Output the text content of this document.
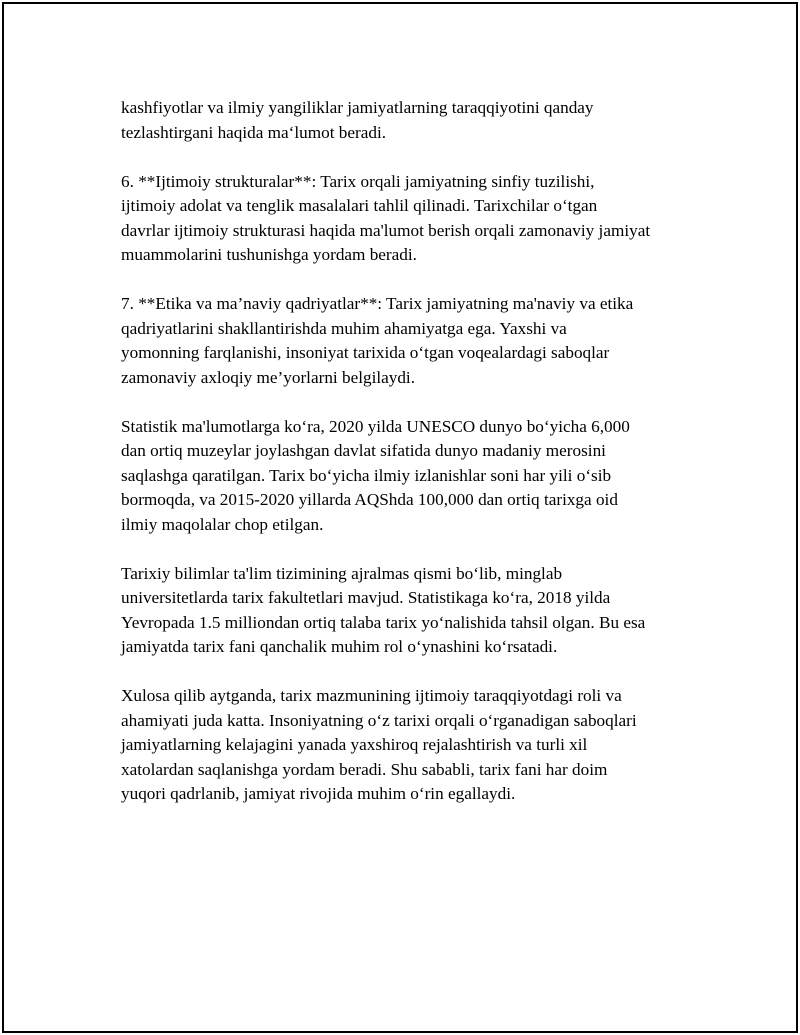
kashfiyotlar va ilmiy yangiliklar jamiyatlarning taraqqiyotini qanday
tezlashtirgani haqida maʻlumot beradi.

6. **Ijtimoiy strukturalar**: Tarix orqali jamiyatning sinfiy tuzilishi,
ijtimoiy adolat va tenglik masalalari tahlil qilinadi. Tarixchilar oʻtgan
davrlar ijtimoiy strukturasi haqida ma'lumot berish orqali zamonaviy jamiyat
muammolarini tushunishga yordam beradi.

7. **Etika va ma’naviy qadriyatlar**: Tarix jamiyatning ma'naviy va etika
qadriyatlarini shakllantirishda muhim ahamiyatga ega. Yaxshi va
yomonning farqlanishi, insoniyat tarixida oʻtgan voqealardagi saboqlar
zamonaviy axloqiy me’yorlarni belgilaydi.

Statistik ma'lumotlarga koʻra, 2020 yilda UNESCO dunyo boʻyicha 6,000
dan ortiq muzeylar joylashgan davlat sifatida dunyo madaniy merosini
saqlashga qaratilgan. Tarix boʻyicha ilmiy izlanishlar soni har yili oʻsib
bormoqda, va 2015-2020 yillarda AQShda 100,000 dan ortiq tarixga oid
ilmiy maqolalar chop etilgan.

Tarixiy bilimlar ta'lim tizimining ajralmas qismi boʻlib, minglab
universitetlarda tarix fakultetlari mavjud. Statistikaga koʻra, 2018 yilda
Yevropada 1.5 milliondan ortiq talaba tarix yoʻnalishida tahsil olgan. Bu esa
jamiyatda tarix fani qanchalik muhim rol oʻynashini koʻrsatadi.

Xulosa qilib aytganda, tarix mazmunining ijtimoiy taraqqiyotdagi roli va
ahamiyati juda katta. Insoniyatning oʻz tarixi orqali oʻrganadigan saboqlari
jamiyatlarning kelajagini yanada yaxshiroq rejalashtirish va turli xil
xatolardan saqlanishga yordam beradi. Shu sababli, tarix fani har doim
yuqori qadrlanib, jamiyat rivojida muhim oʻrin egallaydi.
